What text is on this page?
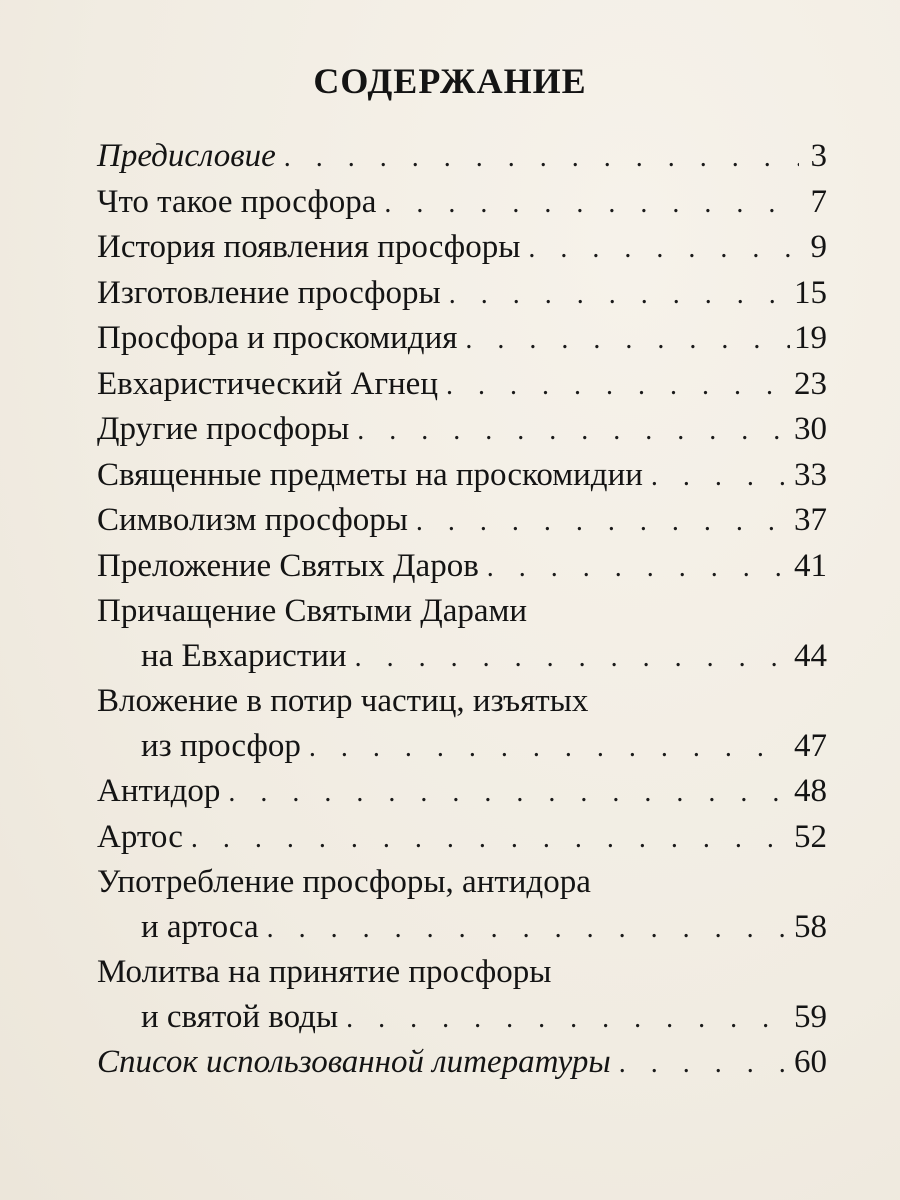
СОДЕРЖАНИЕ
Предисловие . . .	3
Что такое просфора . . .	7
История появления просфоры . . .	9
Изготовление просфоры . . .	15
Просфора и проскомидия . . .	19
Евхаристический Агнец . . .	23
Другие просфоры . . .	30
Священные предметы на проскомидии . . .	33
Символизм просфоры . . .	37
Преложение Святых Даров . . .	41
Причащение Святыми Дарами
на Евхаристии . . .	44
Вложение в потир частиц, изъятых
из просфор . . .	47
Антидор . . .	48
Артос . . .	52
Употребление просфоры, антидора
и артоса . . .	58
Молитва на принятие просфоры
и святой воды . . .	59
Список использованной литературы . . .	60
